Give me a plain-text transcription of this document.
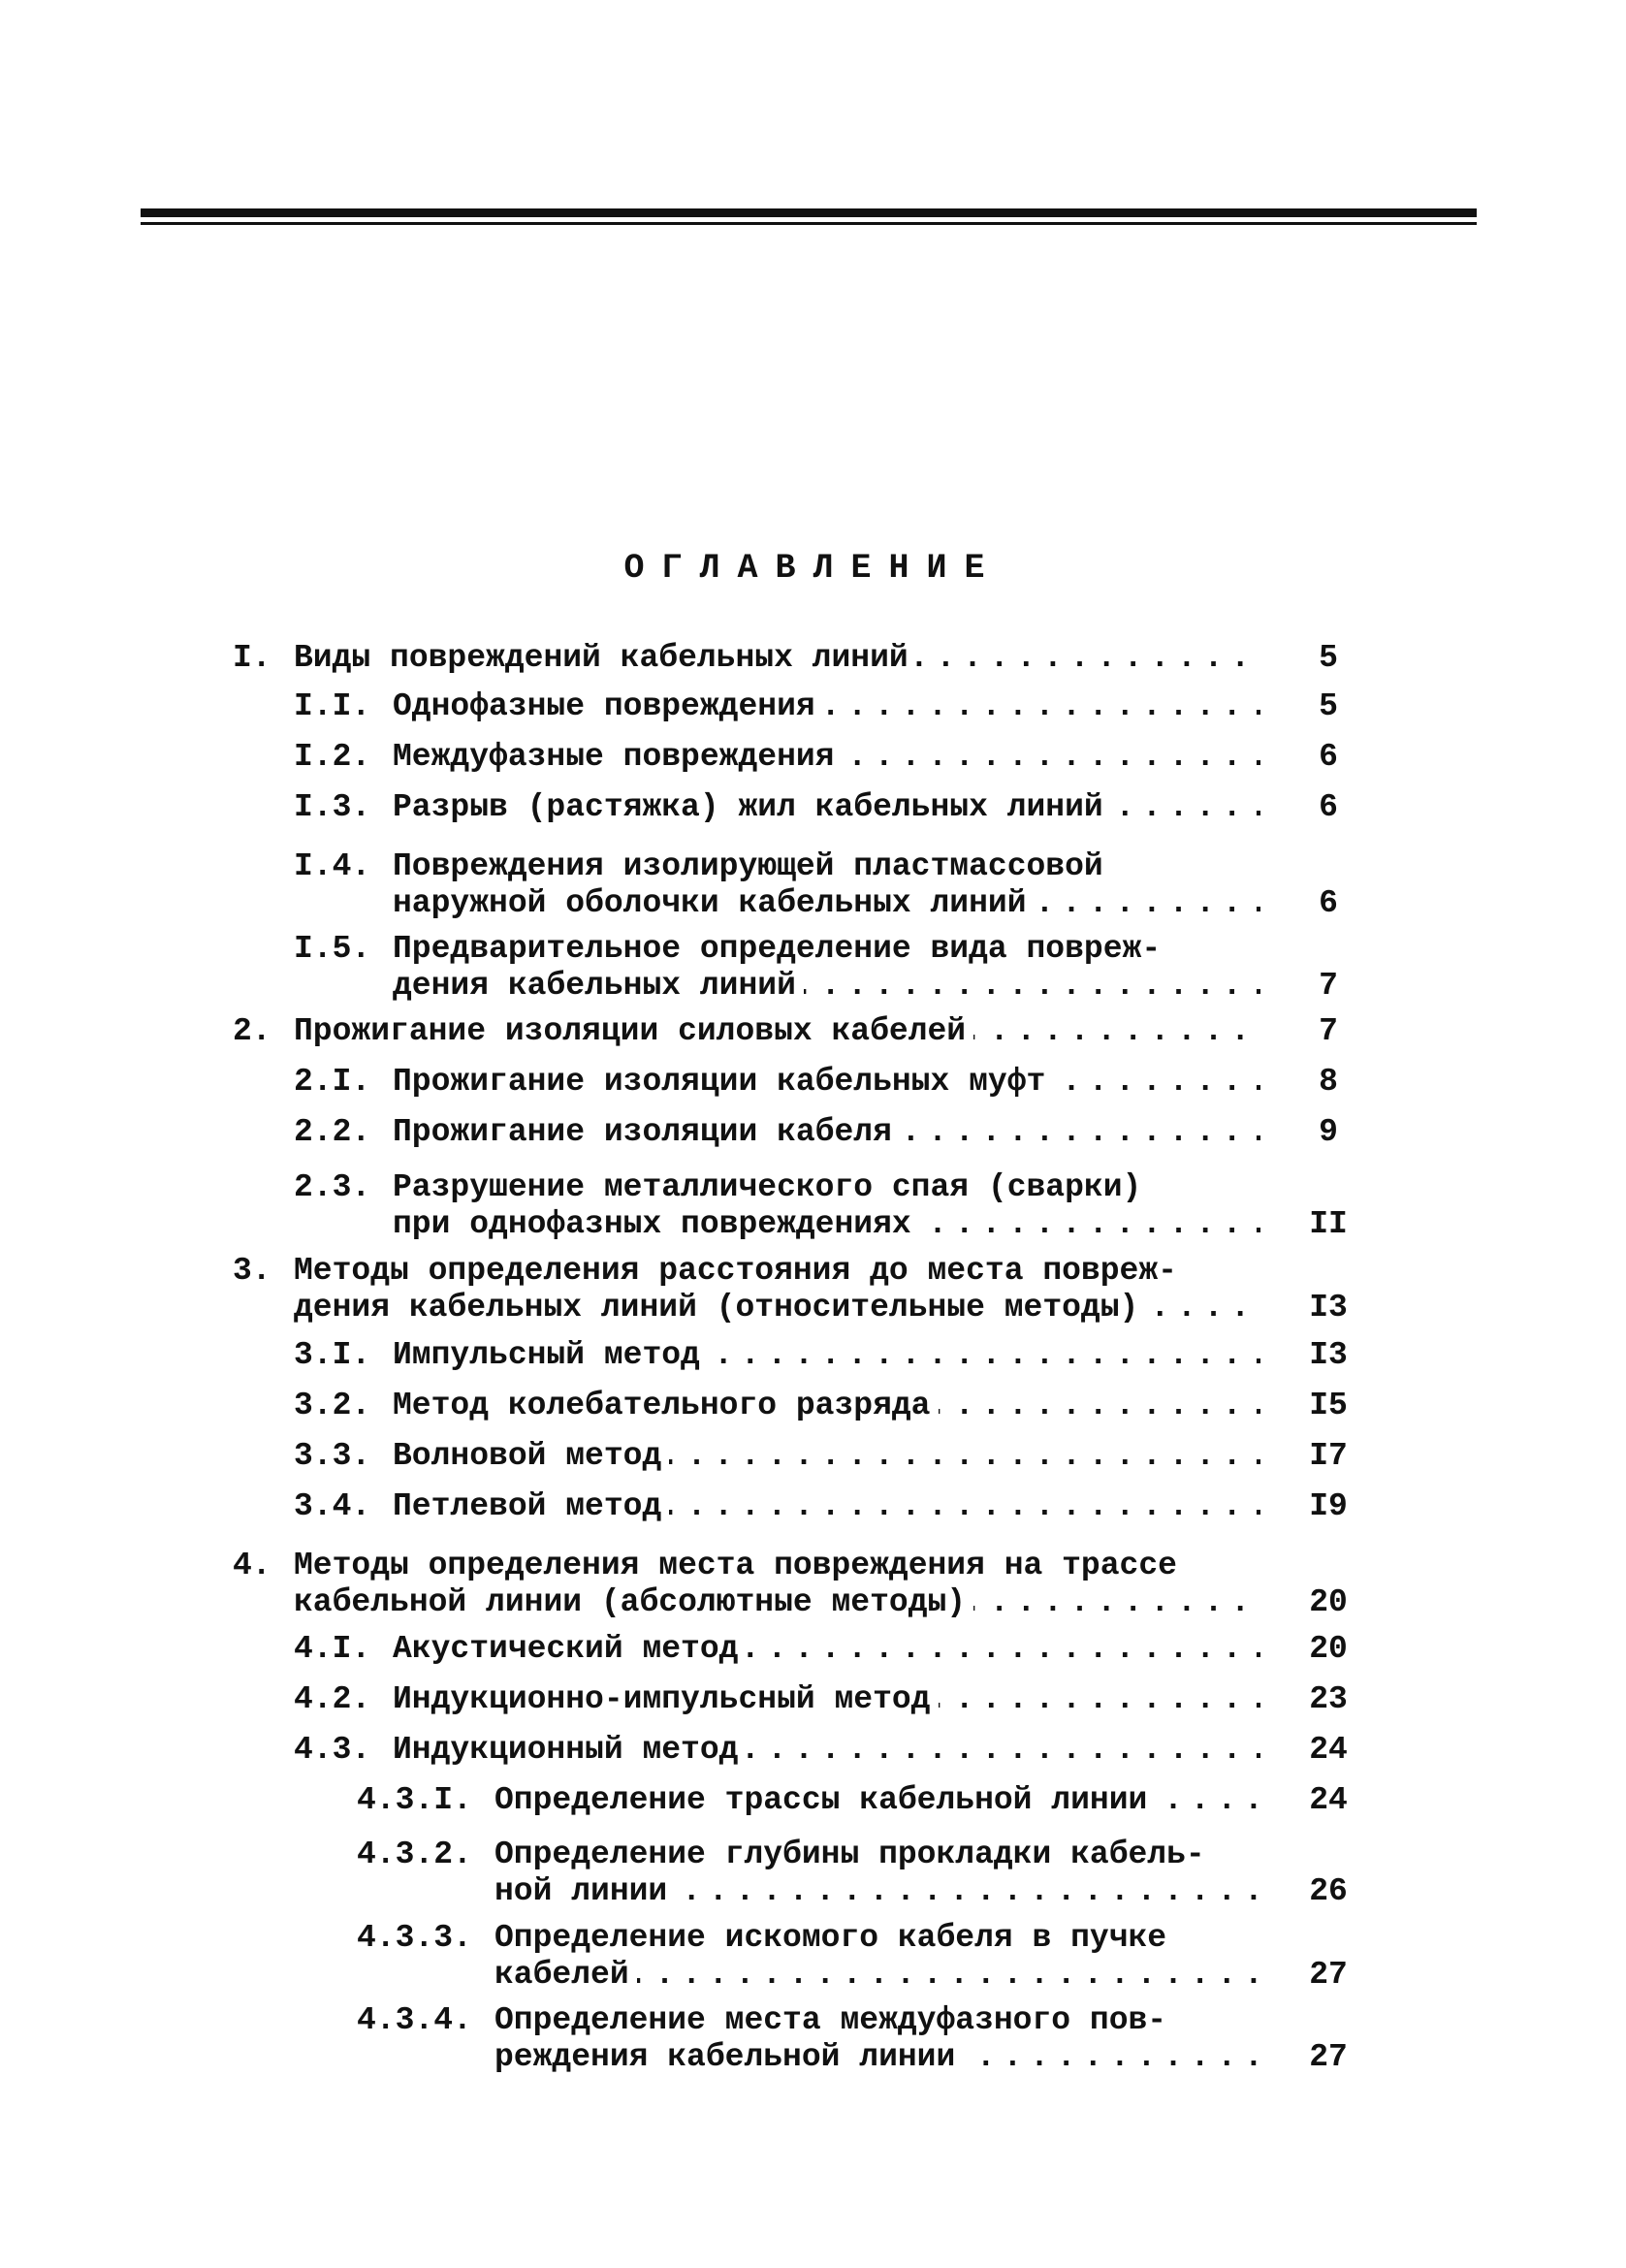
ОГЛАВЛЕНИЕ
I. Виды повреждений кабельных линий . . .	5
I.I. Однофазные повреждения . . .	5
I.2. Междуфазные повреждения . . .	6
I.3. Разрыв (растяжка) жил кабельных линий . . .	6
I.4. Повреждения изолирующей пластмассовой
наружной оболочки кабельных линий . . .	6
I.5. Предварительное определение вида повреж-
дения кабельных линий . . .	7
2. Прожигание изоляции силовых кабелей . . .	7
2.I. Прожигание изоляции кабельных муфт . . .	8
2.2. Прожигание изоляции кабеля . . .	9
2.3. Разрушение металлического спая (сварки)
при однофазных повреждениях . . .	II
3. Методы определения расстояния до места повреж-
дения кабельных линий (относительные методы) . . .	I3
3.I. Импульсный метод . . .	I3
3.2. Метод колебательного разряда . . .	I5
3.3. Волновой метод . . .	I7
3.4. Петлевой метод . . .	I9
4. Методы определения места повреждения на трассе
кабельной линии (абсолютные методы) . . .	20
4.I. Акустический метод . . .	20
4.2. Индукционно-импульсный метод . . .	23
4.3. Индукционный метод . . .	24
4.3.I. Определение трассы кабельной линии . . .	24
4.3.2. Определение глубины прокладки кабель-
ной линии . . .	26
4.3.3. Определение искомого кабеля в пучке
кабелей . . .	27
4.3.4. Определение места междуфазного пов-
реждения кабельной линии . . .	27
